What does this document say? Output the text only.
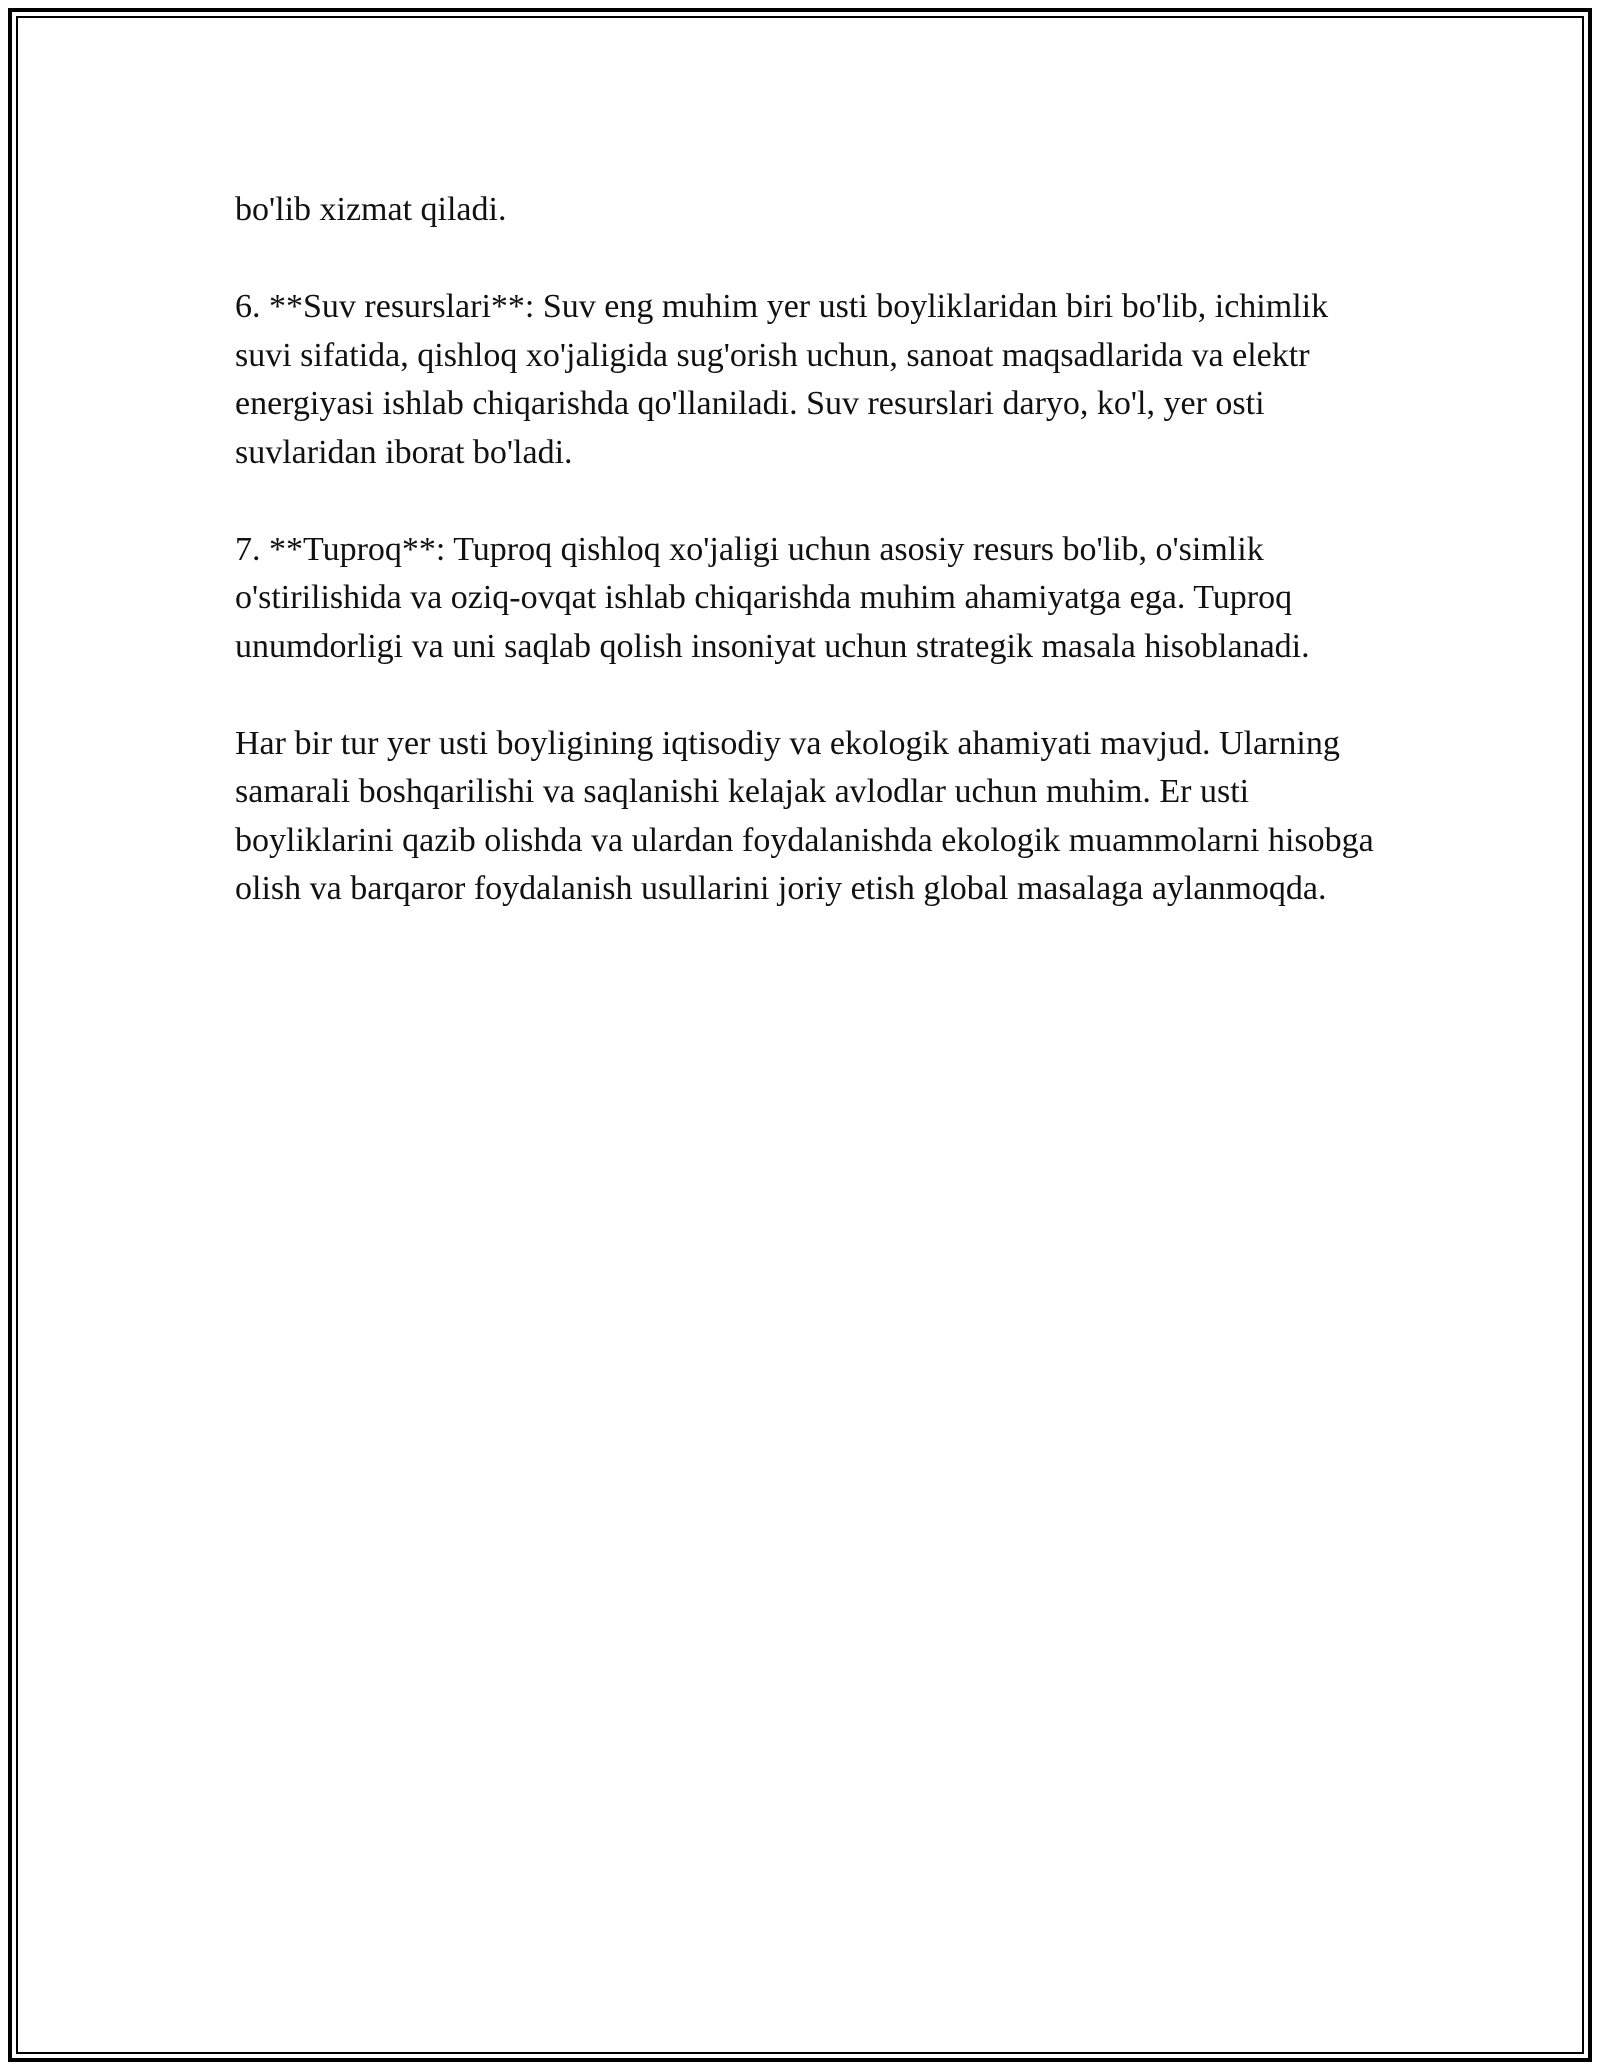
bo'lib xizmat qiladi.

6. **Suv resurslari**: Suv eng muhim yer usti boyliklaridan biri bo'lib, ichimlik suvi sifatida, qishloq xo'jaligida sug'orish uchun, sanoat maqsadlarida va elektr energiyasi ishlab chiqarishda qo'llaniladi. Suv resurslari daryo, ko'l, yer osti suvlaridan iborat bo'ladi.

7. **Tuproq**: Tuproq qishloq xo'jaligi uchun asosiy resurs bo'lib, o'simlik o'stirilishida va oziq-ovqat ishlab chiqarishda muhim ahamiyatga ega. Tuproq unumdorligi va uni saqlab qolish insoniyat uchun strategik masala hisoblanadi.

Har bir tur yer usti boyligining iqtisodiy va ekologik ahamiyati mavjud. Ularning samarali boshqarilishi va saqlanishi kelajak avlodlar uchun muhim. Er usti boyliklarini qazib olishda va ulardan foydalanishda ekologik muammolarni hisobga olish va barqaror foydalanish usullarini joriy etish global masalaga aylanmoqda.
